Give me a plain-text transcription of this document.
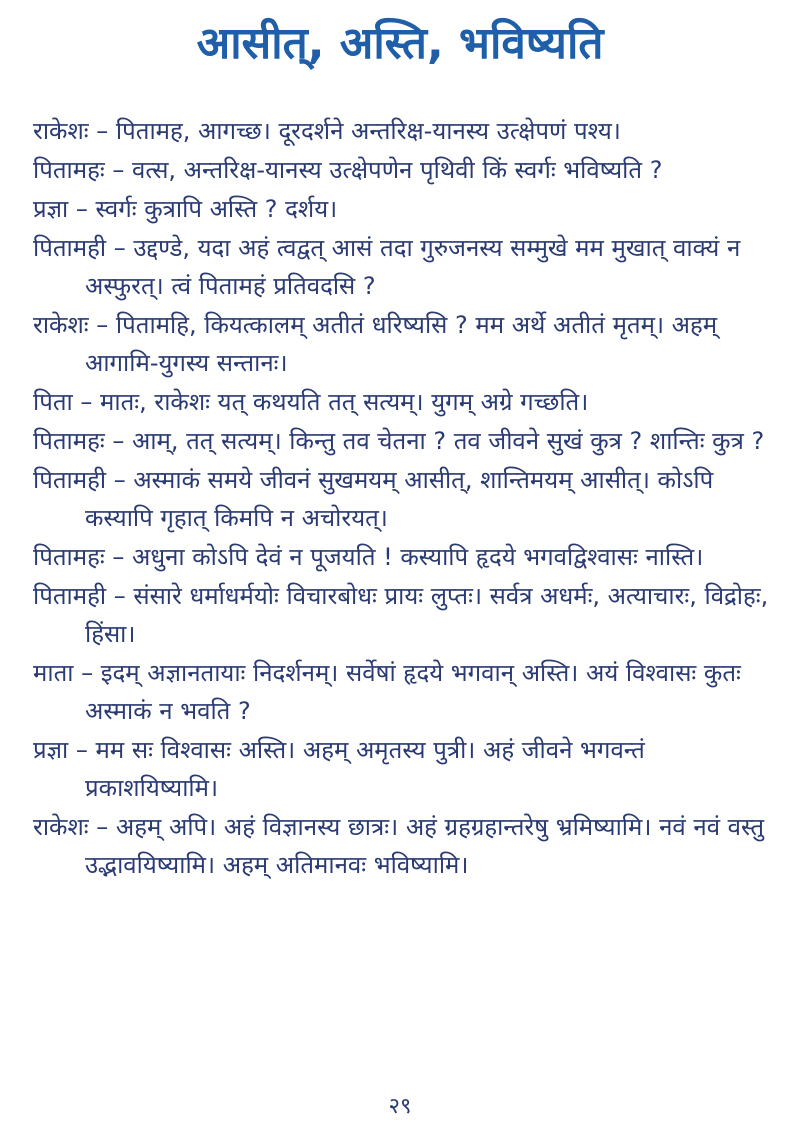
आसीत्, अस्ति, भविष्यति
राकेशः – पितामह, आगच्छ। दूरदर्शने अन्तरिक्ष-यानस्य उत्क्षेपणं पश्य।
पितामहः – वत्स, अन्तरिक्ष-यानस्य उत्क्षेपणेन पृथिवी किं स्वर्गः भविष्यति ?
प्रज्ञा – स्वर्गः कुत्रापि अस्ति ? दर्शय।
पितामही – उद्दण्डे, यदा अहं त्वद्वत् आसं तदा गुरुजनस्य सम्मुखे मम मुखात् वाक्यं न अस्फुरत्। त्वं पितामहं प्रतिवदसि ?
राकेशः – पितामहि, कियत्कालम् अतीतं धरिष्यसि ? मम अर्थे अतीतं मृतम्। अहम् आगामि-युगस्य सन्तानः।
पिता – मातः, राकेशः यत् कथयति तत् सत्यम्। युगम् अग्रे गच्छति।
पितामहः – आम्, तत् सत्यम्। किन्तु तव चेतना ? तव जीवने सुखं कुत्र ? शान्तिः कुत्र ?
पितामही – अस्माकं समये जीवनं सुखमयम् आसीत्, शान्तिमयम् आसीत्। कोऽपि कस्यापि गृहात् किमपि न अचोरयत्।
पितामहः – अधुना कोऽपि देवं न पूजयति ! कस्यापि हृदये भगवद्विश्वासः नास्ति।
पितामही – संसारे धर्माधर्मयोः विचारबोधः प्रायः लुप्तः। सर्वत्र अधर्मः, अत्याचारः, विद्रोहः, हिंसा।
माता – इदम् अज्ञानतायाः निदर्शनम्। सर्वेषां हृदये भगवान् अस्ति। अयं विश्वासः कुतः अस्माकं न भवति ?
प्रज्ञा – मम सः विश्वासः अस्ति। अहम् अमृतस्य पुत्री। अहं जीवने भगवन्तं प्रकाशयिष्यामि।
राकेशः – अहम् अपि। अहं विज्ञानस्य छात्रः। अहं ग्रहग्रहान्तरेषु भ्रमिष्यामि। नवं नवं वस्तु उद्भावयिष्यामि। अहम् अतिमानवः भविष्यामि।
२९
